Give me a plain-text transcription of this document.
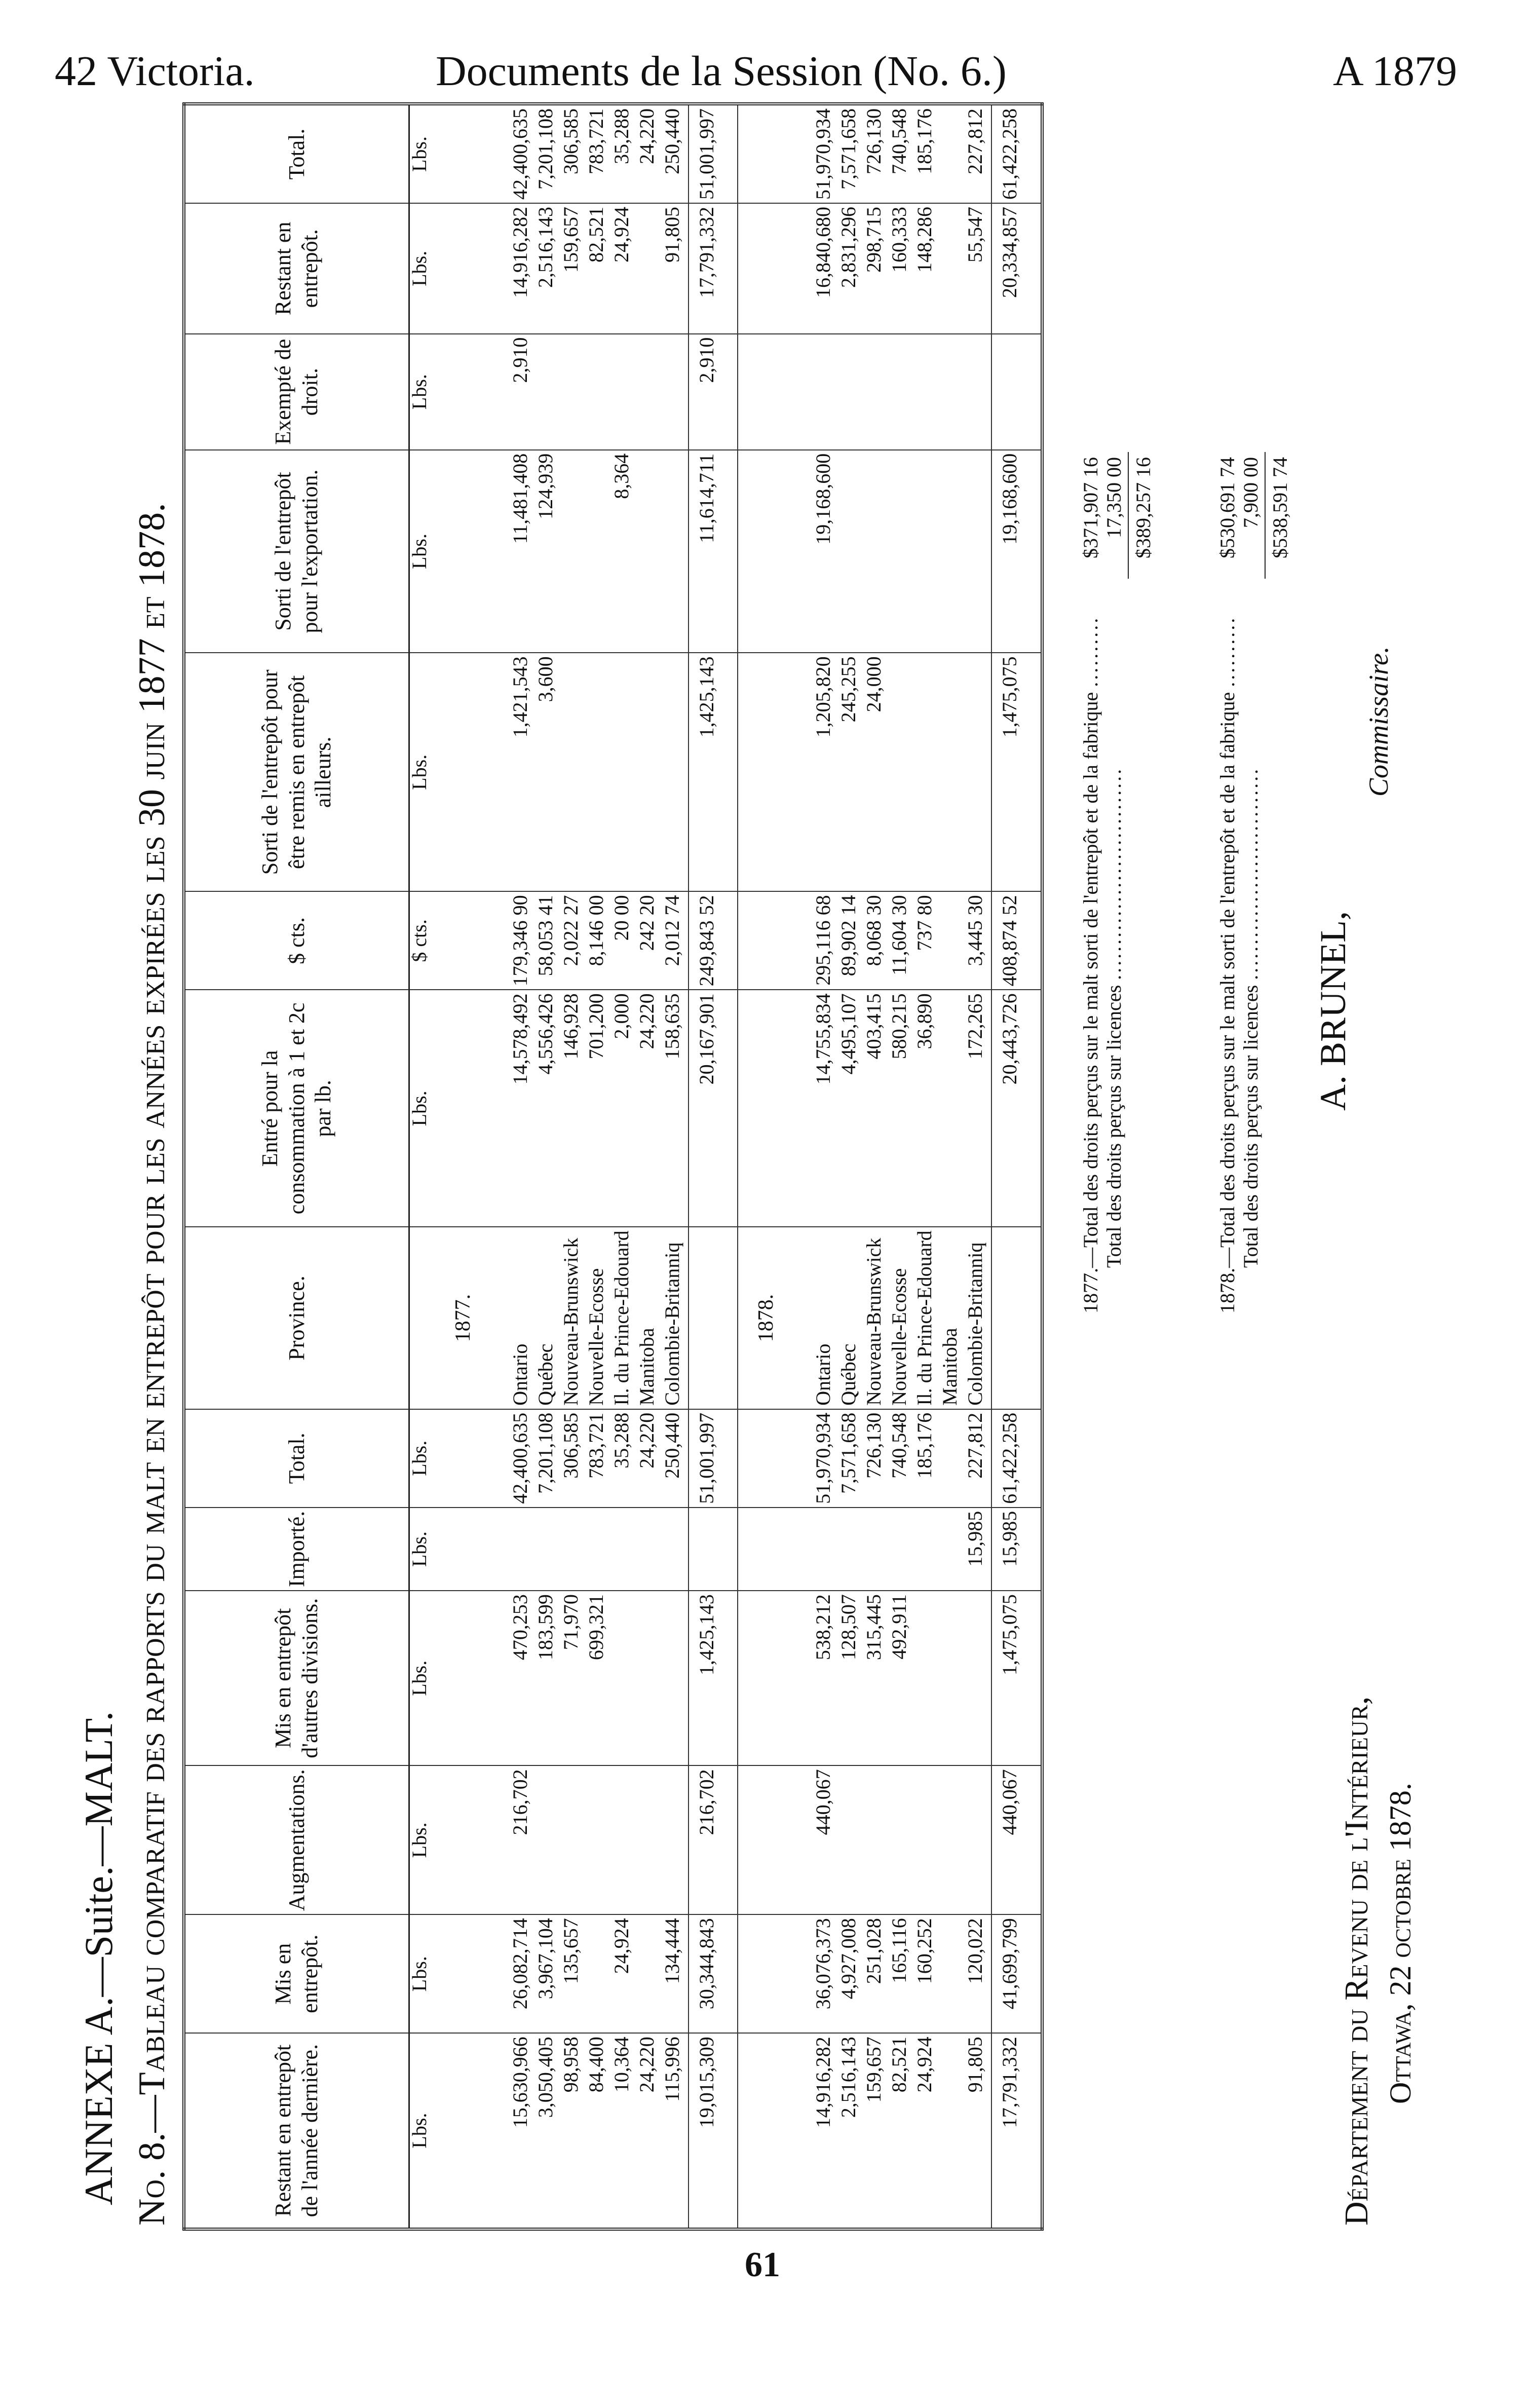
42 Victoria.	Documents de la Session (No. 6.)	A 1879
ANNEXE A.—Suite.—MALT. No. 8.—Tableau comparatif des rapports du malt en entrepôt pour les années expirées les 30 juin 1877 et 1878.	Restant en entrepôt de l'année dernière.	Mis en entrepôt.	Augmentations.	Mis en entrepôt d'autres divisions.	Importé.	Total.	Province.	Entré pour la consommation à 1 et 2c par lb.	$ cts.	Sorti de l'entrepôt pour être remis en entrepôt ailleurs.	Sorti de l'entrepôt pour l'exportation.	Exempté de droit.	Restant en entrepôt.	Total.
Lbs.	Lbs.	Lbs.	Lbs.	Lbs.	Lbs.		Lbs.	$ cts.	Lbs.	Lbs.	Lbs.	Lbs.	Lbs.
						1877.							
15,630,966	26,082,714	216,702	470,253		42,400,635	Ontario	14,578,492	179,346 90	1,421,543	11,481,408	2,910	14,916,282	42,400,635
3,050,405	3,967,104		183,599		7,201,108	Québec	4,556,426	58,053 41	3,600	124,939		2,516,143	7,201,108
98,958	135,657		71,970		306,585	Nouveau-Brunswick	146,928	2,022 27				159,657	306,585
84,400			699,321		783,721	Nouvelle-Ecosse	701,200	8,146 00				82,521	783,721
10,364	24,924				35,288	Il. du Prince-Edouard	2,000	20 00		8,364		24,924	35,288
24,220					24,220	Manitoba	24,220	242 20					24,220
115,996	134,444				250,440	Colombie-Britanniq	158,635	2,012 74				91,805	250,440
19,015,309	30,344,843	216,702	1,425,143		51,001,997		20,167,901	249,843 52	1,425,143	11,614,711	2,910	17,791,332	51,001,997
						1878.							
14,916,282	36,076,373	440,067	538,212		51,970,934	Ontario	14,755,834	295,116 68	1,205,820	19,168,600		16,840,680	51,970,934
2,516,143	4,927,008		128,507		7,571,658	Québec	4,495,107	89,902 14	245,255			2,831,296	7,571,658
159,657	251,028		315,445		726,130	Nouveau-Brunswick	403,415	8,068 30	24,000			298,715	726,130
82,521	165,116		492,911		740,548	Nouvelle-Ecosse	580,215	11,604 30				160,333	740,548
24,924	160,252				185,176	Il. du Prince-Edouard	36,890	737 80				148,286	185,176
						Manitoba							
91,805	120,022			15,985	227,812	Colombie-Britanniq	172,265	3,445 30				55,547	227,812
17,791,332	41,699,799	440,067	1,475,075	15,985	61,422,258		20,443,726	408,874 52	1,475,075	19,168,600		20,334,857	61,422,258
1877.—Total des droits perçus sur le malt sorti de l'entrepôt et de la fabrique ..........
Total des droits perçus sur licences ..............................
$371,907 16 17,350 00 $389,257 16
1878.—Total des droits perçus sur le malt sorti de l'entrepôt et de la fabrique ..........
Total des droits perçus sur licences ..............................
$530,691 74 7,900 00 $538,591 74
Département du Revenu de l'Intérieur, Ottawa, 22 octobre 1878.
A. BRUNEL,
Commissaire.
61
